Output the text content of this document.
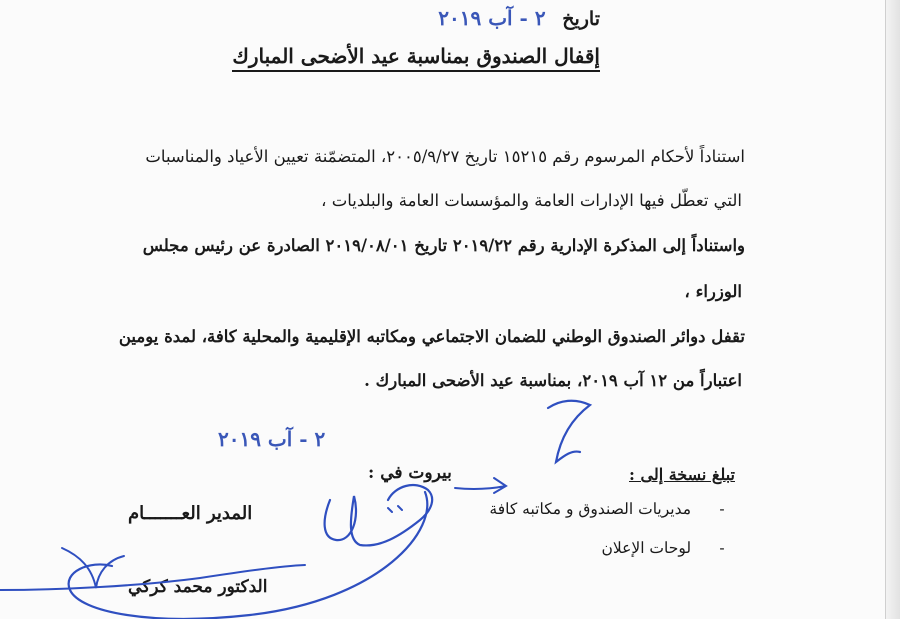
تاريخ ٢ - آب ٢٠١٩
إقفال الصندوق بمناسبة عيد الأضحى المبارك
استناداً لأحكام المرسوم رقم ١٥٢١٥ تاريخ ٢٠٠٥/٩/٢٧، المتضمّنة تعيين الأعياد والمناسبات
التي تعطّل فيها الإدارات العامة والمؤسسات العامة والبلديات ،
واستناداً إلى المذكرة الإدارية رقم ٢٠١٩/٢٢ تاريخ ٢٠١٩/٠٨/٠١ الصادرة عن رئيس مجلس
الوزراء ،
تقفل دوائر الصندوق الوطني للضمان الاجتماعي ومكاتبه الإقليمية والمحلية كافة، لمدة يومين
اعتباراً من ١٢ آب ٢٠١٩، بمناسبة عيد الأضحى المبارك .
٢ - آب ٢٠١٩
بيروت في :
المدير العـــــــام
الدكتور محمد كركي
تبلغ نسخة إلى :
- مديريات الصندوق و مكاتبه كافة
- لوحات الإعلان
